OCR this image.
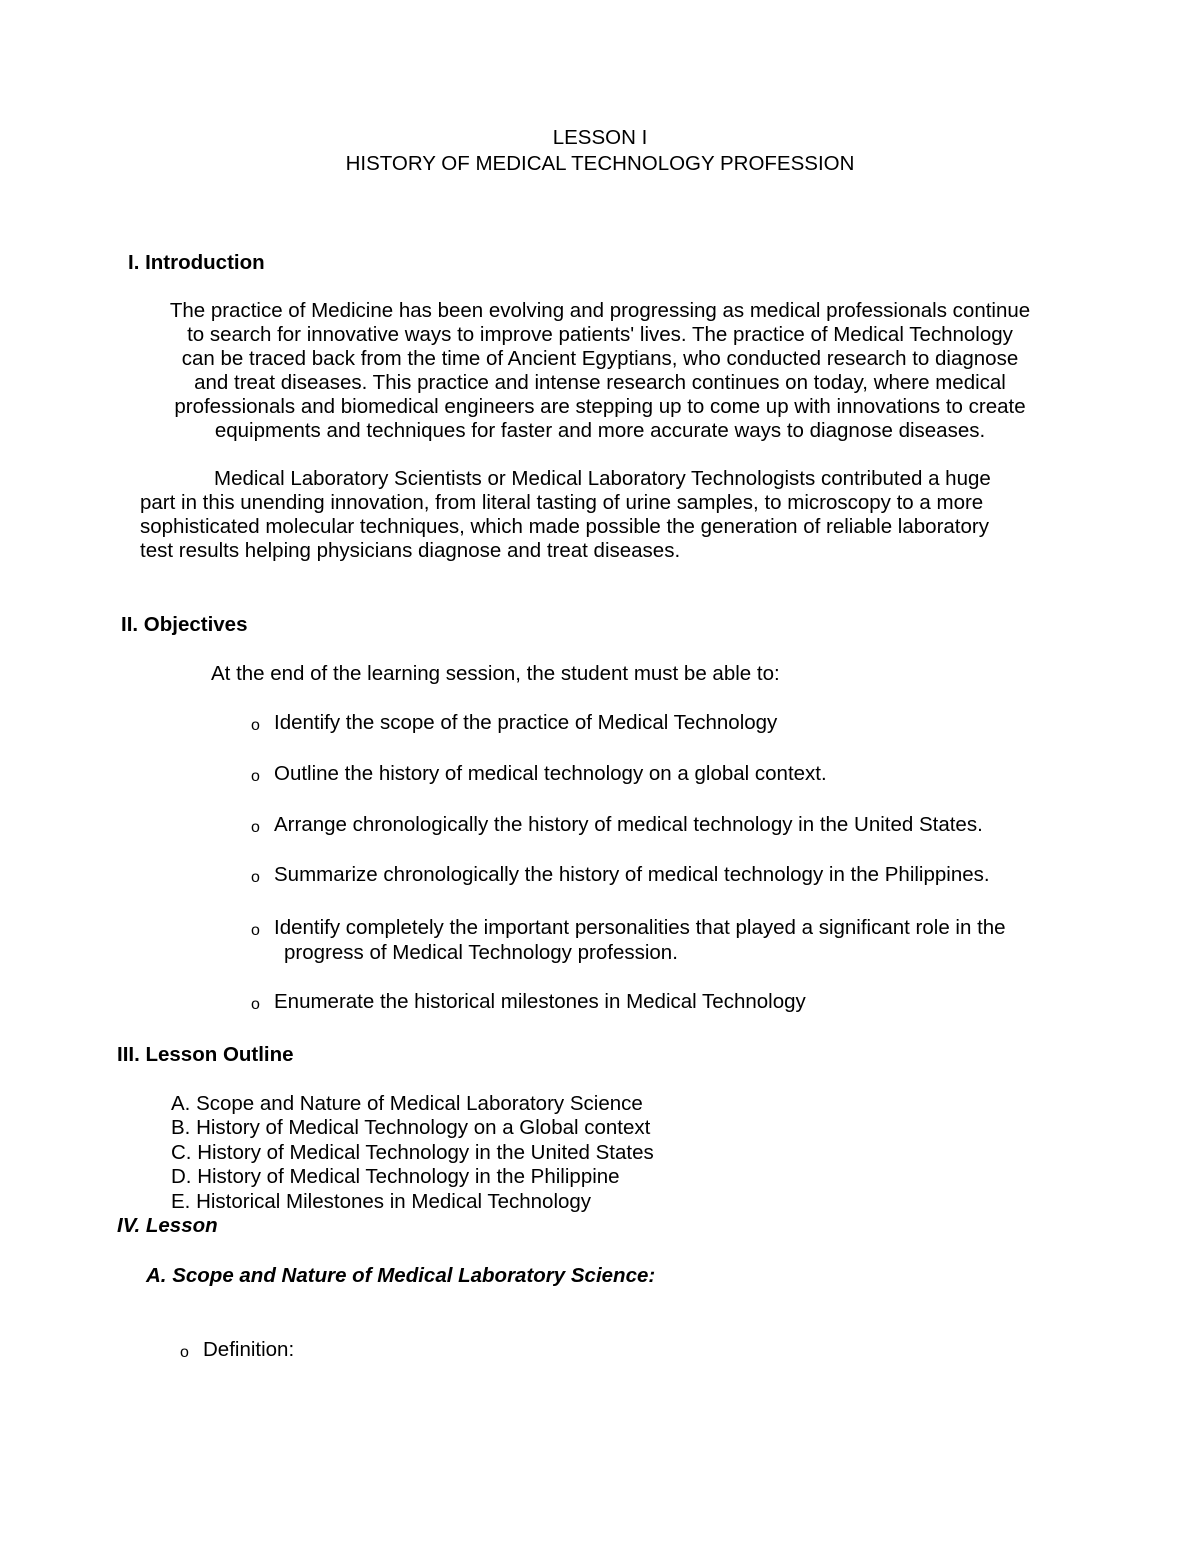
LESSON I
HISTORY OF MEDICAL TECHNOLOGY PROFESSION
I. Introduction
The practice of Medicine has been evolving and progressing as medical professionals continue
to search for innovative ways to improve patients' lives. The practice of Medical Technology
can be traced back from the time of Ancient Egyptians, who conducted research to diagnose
and treat diseases. This practice and intense research continues on today, where medical
professionals and biomedical engineers are stepping up to come up with innovations to create
equipments and techniques for faster and more accurate ways to diagnose diseases.
Medical Laboratory Scientists or Medical Laboratory Technologists contributed a huge
part in this unending innovation, from literal tasting of urine samples, to microscopy to a more
sophisticated molecular techniques, which made possible the generation of reliable laboratory
test results helping physicians diagnose and treat diseases.
II. Objectives
At the end of the learning session, the student must be able to:
o Identify the scope of the practice of Medical Technology
o Outline the history of medical technology on a global context.
o Arrange chronologically the history of medical technology in the United States.
o Summarize chronologically the history of medical technology in the Philippines.
o Identify completely the important personalities that played a significant role in the
progress of Medical Technology profession.
o Enumerate the historical milestones in Medical Technology
III. Lesson Outline
A. Scope and Nature of Medical Laboratory Science
B. History of Medical Technology on a Global context
C. History of Medical Technology in the United States
D. History of Medical Technology in the Philippine
E. Historical Milestones in Medical Technology
IV. Lesson
A. Scope and Nature of Medical Laboratory Science:
o Definition:
